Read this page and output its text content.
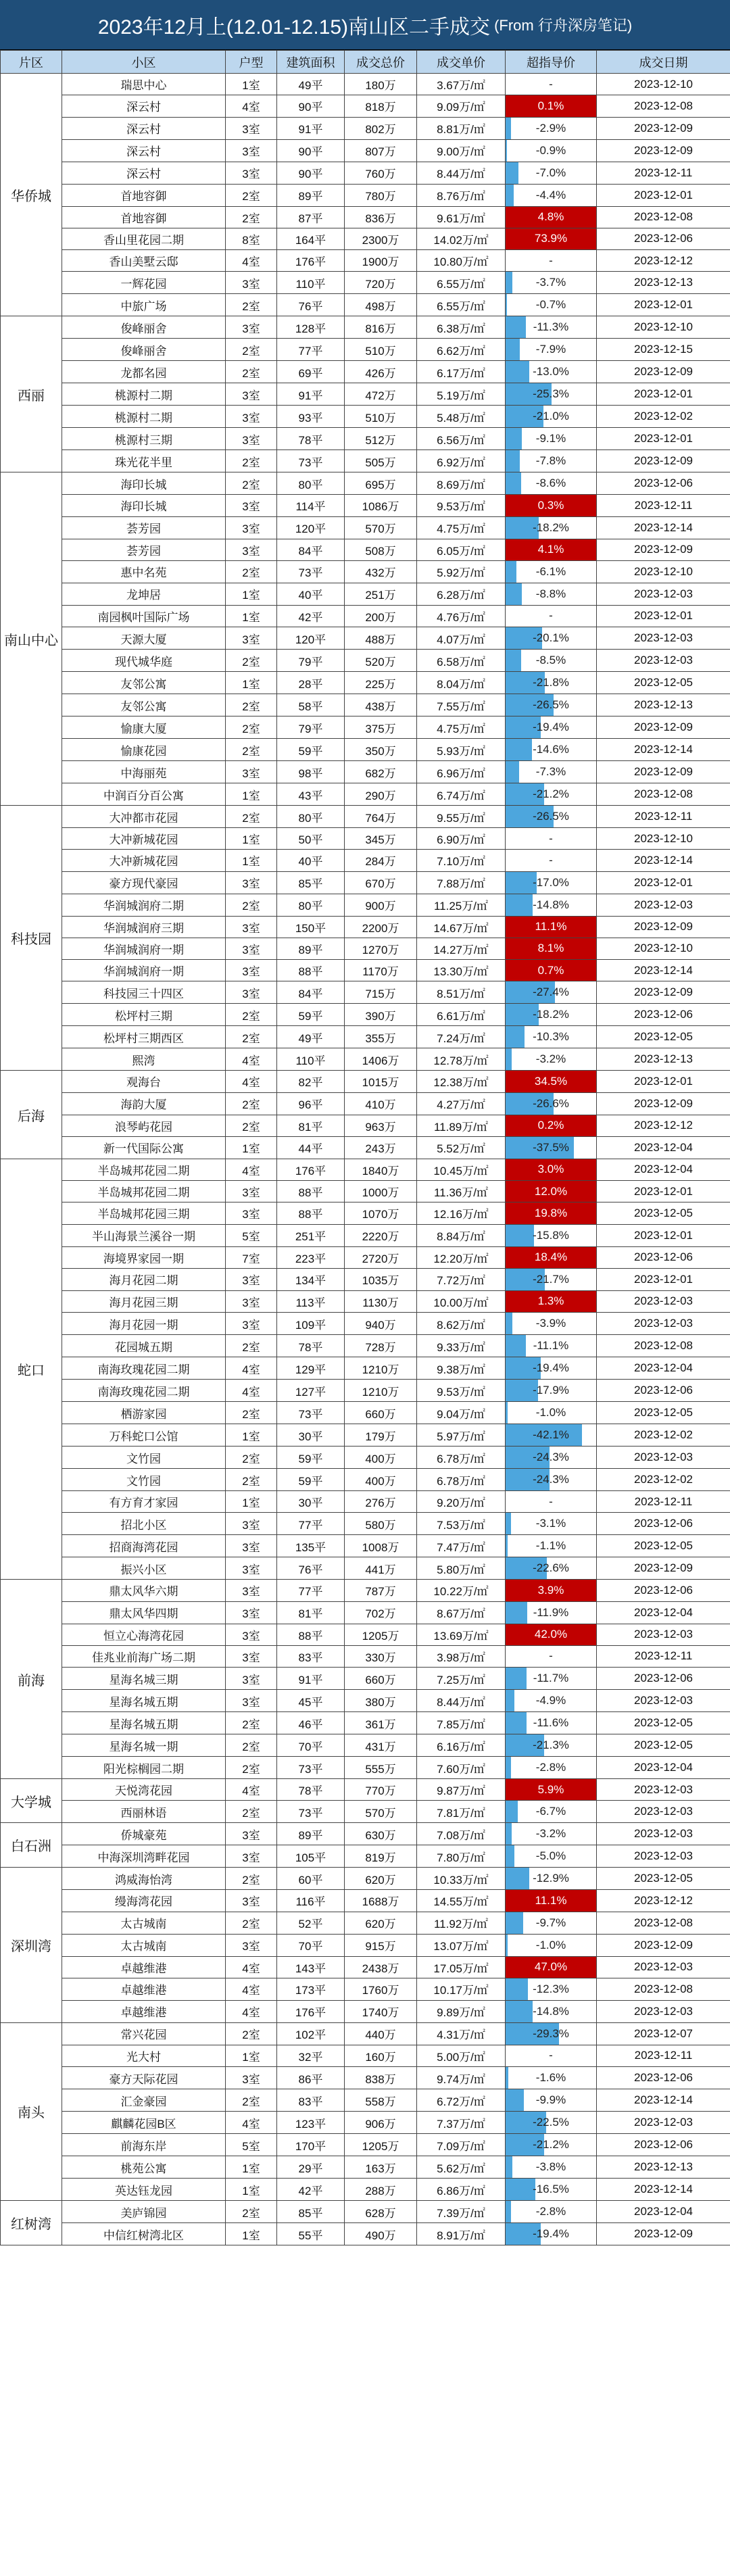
2023年12月上(12.01-12.15)南山区二手成交 (From 行舟深房笔记)
片区	小区	户型	建筑面积	成交总价	成交单价	超指导价	成交日期
华侨城	瑞思中心	1室	49平	180万	3.67万/㎡	-	2023-12-10
	深云村	4室	90平	818万	9.09万/㎡	0.1%	2023-12-08
	深云村	3室	91平	802万	8.81万/㎡	-2.9%	2023-12-09
	深云村	3室	90平	807万	9.00万/㎡	-0.9%	2023-12-09
	深云村	3室	90平	760万	8.44万/㎡	-7.0%	2023-12-11
	首地容御	2室	89平	780万	8.76万/㎡	-4.4%	2023-12-01
	首地容御	2室	87平	836万	9.61万/㎡	4.8%	2023-12-08
	香山里花园二期	8室	164平	2300万	14.02万/㎡	73.9%	2023-12-06
	香山美墅云邸	4室	176平	1900万	10.80万/㎡	-	2023-12-12
	一辉花园	3室	110平	720万	6.55万/㎡	-3.7%	2023-12-13
	中旅广场	2室	76平	498万	6.55万/㎡	-0.7%	2023-12-01
西丽	俊峰丽舍	3室	128平	816万	6.38万/㎡	-11.3%	2023-12-10
	俊峰丽舍	2室	77平	510万	6.62万/㎡	-7.9%	2023-12-15
	龙都名园	2室	69平	426万	6.17万/㎡	-13.0%	2023-12-09
	桃源村二期	3室	91平	472万	5.19万/㎡	-25.3%	2023-12-01
	桃源村二期	3室	93平	510万	5.48万/㎡	-21.0%	2023-12-02
	桃源村三期	3室	78平	512万	6.56万/㎡	-9.1%	2023-12-01
	珠光花半里	2室	73平	505万	6.92万/㎡	-7.8%	2023-12-09
南山中心	海印长城	2室	80平	695万	8.69万/㎡	-8.6%	2023-12-06
	海印长城	3室	114平	1086万	9.53万/㎡	0.3%	2023-12-11
	荟芳园	3室	120平	570万	4.75万/㎡	-18.2%	2023-12-14
	荟芳园	3室	84平	508万	6.05万/㎡	4.1%	2023-12-09
	惠中名苑	2室	73平	432万	5.92万/㎡	-6.1%	2023-12-10
	龙坤居	1室	40平	251万	6.28万/㎡	-8.8%	2023-12-03
	南园枫叶国际广场	1室	42平	200万	4.76万/㎡	-	2023-12-01
	天源大厦	3室	120平	488万	4.07万/㎡	-20.1%	2023-12-03
	现代城华庭	2室	79平	520万	6.58万/㎡	-8.5%	2023-12-03
	友邻公寓	1室	28平	225万	8.04万/㎡	-21.8%	2023-12-05
	友邻公寓	2室	58平	438万	7.55万/㎡	-26.5%	2023-12-13
	愉康大厦	2室	79平	375万	4.75万/㎡	-19.4%	2023-12-09
	愉康花园	2室	59平	350万	5.93万/㎡	-14.6%	2023-12-14
	中海丽苑	3室	98平	682万	6.96万/㎡	-7.3%	2023-12-09
	中润百分百公寓	1室	43平	290万	6.74万/㎡	-21.2%	2023-12-08
科技园	大冲都市花园	2室	80平	764万	9.55万/㎡	-26.5%	2023-12-11
	大冲新城花园	1室	50平	345万	6.90万/㎡	-	2023-12-10
	大冲新城花园	1室	40平	284万	7.10万/㎡	-	2023-12-14
	豪方现代豪园	3室	85平	670万	7.88万/㎡	-17.0%	2023-12-01
	华润城润府二期	2室	80平	900万	11.25万/㎡	-14.8%	2023-12-03
	华润城润府三期	3室	150平	2200万	14.67万/㎡	11.1%	2023-12-09
	华润城润府一期	3室	89平	1270万	14.27万/㎡	8.1%	2023-12-10
	华润城润府一期	3室	88平	1170万	13.30万/㎡	0.7%	2023-12-14
	科技园三十四区	3室	84平	715万	8.51万/㎡	-27.4%	2023-12-09
	松坪村三期	2室	59平	390万	6.61万/㎡	-18.2%	2023-12-06
	松坪村三期西区	2室	49平	355万	7.24万/㎡	-10.3%	2023-12-05
	熙湾	4室	110平	1406万	12.78万/㎡	-3.2%	2023-12-13
后海	观海台	4室	82平	1015万	12.38万/㎡	34.5%	2023-12-01
	海韵大厦	2室	96平	410万	4.27万/㎡	-26.6%	2023-12-09
	浪琴屿花园	2室	81平	963万	11.89万/㎡	0.2%	2023-12-12
	新一代国际公寓	1室	44平	243万	5.52万/㎡	-37.5%	2023-12-04
蛇口	半岛城邦花园二期	4室	176平	1840万	10.45万/㎡	3.0%	2023-12-04
	半岛城邦花园二期	3室	88平	1000万	11.36万/㎡	12.0%	2023-12-01
	半岛城邦花园三期	3室	88平	1070万	12.16万/㎡	19.8%	2023-12-05
	半山海景兰溪谷一期	5室	251平	2220万	8.84万/㎡	-15.8%	2023-12-01
	海境界家园一期	7室	223平	2720万	12.20万/㎡	18.4%	2023-12-06
	海月花园二期	3室	134平	1035万	7.72万/㎡	-21.7%	2023-12-01
	海月花园三期	3室	113平	1130万	10.00万/㎡	1.3%	2023-12-03
	海月花园一期	3室	109平	940万	8.62万/㎡	-3.9%	2023-12-03
	花园城五期	2室	78平	728万	9.33万/㎡	-11.1%	2023-12-08
	南海玫瑰花园二期	4室	129平	1210万	9.38万/㎡	-19.4%	2023-12-04
	南海玫瑰花园二期	4室	127平	1210万	9.53万/㎡	-17.9%	2023-12-06
	栖游家园	2室	73平	660万	9.04万/㎡	-1.0%	2023-12-05
	万科蛇口公馆	1室	30平	179万	5.97万/㎡	-42.1%	2023-12-02
	文竹园	2室	59平	400万	6.78万/㎡	-24.3%	2023-12-03
	文竹园	2室	59平	400万	6.78万/㎡	-24.3%	2023-12-02
	有方育才家园	1室	30平	276万	9.20万/㎡	-	2023-12-11
	招北小区	3室	77平	580万	7.53万/㎡	-3.1%	2023-12-06
	招商海湾花园	3室	135平	1008万	7.47万/㎡	-1.1%	2023-12-05
	振兴小区	3室	76平	441万	5.80万/㎡	-22.6%	2023-12-09
前海	鼎太风华六期	3室	77平	787万	10.22万/㎡	3.9%	2023-12-06
	鼎太风华四期	3室	81平	702万	8.67万/㎡	-11.9%	2023-12-04
	恒立心海湾花园	3室	88平	1205万	13.69万/㎡	42.0%	2023-12-03
	佳兆业前海广场二期	3室	83平	330万	3.98万/㎡	-	2023-12-11
	星海名城三期	3室	91平	660万	7.25万/㎡	-11.7%	2023-12-06
	星海名城五期	3室	45平	380万	8.44万/㎡	-4.9%	2023-12-03
	星海名城五期	2室	46平	361万	7.85万/㎡	-11.6%	2023-12-05
	星海名城一期	2室	70平	431万	6.16万/㎡	-21.3%	2023-12-05
	阳光棕榈园二期	2室	73平	555万	7.60万/㎡	-2.8%	2023-12-04
大学城	天悦湾花园	4室	78平	770万	9.87万/㎡	5.9%	2023-12-03
	西丽林语	2室	73平	570万	7.81万/㎡	-6.7%	2023-12-03
白石洲	侨城豪苑	3室	89平	630万	7.08万/㎡	-3.2%	2023-12-03
	中海深圳湾畔花园	3室	105平	819万	7.80万/㎡	-5.0%	2023-12-03
深圳湾	鸿威海怡湾	2室	60平	620万	10.33万/㎡	-12.9%	2023-12-05
	缦海湾花园	3室	116平	1688万	14.55万/㎡	11.1%	2023-12-12
	太古城南	2室	52平	620万	11.92万/㎡	-9.7%	2023-12-08
	太古城南	3室	70平	915万	13.07万/㎡	-1.0%	2023-12-09
	卓越维港	4室	143平	2438万	17.05万/㎡	47.0%	2023-12-03
	卓越维港	4室	173平	1760万	10.17万/㎡	-12.3%	2023-12-08
	卓越维港	4室	176平	1740万	9.89万/㎡	-14.8%	2023-12-03
南头	常兴花园	2室	102平	440万	4.31万/㎡	-29.3%	2023-12-07
	光大村	1室	32平	160万	5.00万/㎡	-	2023-12-11
	豪方天际花园	3室	86平	838万	9.74万/㎡	-1.6%	2023-12-06
	汇金豪园	2室	83平	558万	6.72万/㎡	-9.9%	2023-12-14
	麒麟花园B区	4室	123平	906万	7.37万/㎡	-22.5%	2023-12-03
	前海东岸	5室	170平	1205万	7.09万/㎡	-21.2%	2023-12-06
	桃苑公寓	1室	29平	163万	5.62万/㎡	-3.8%	2023-12-13
	英达钰龙园	1室	42平	288万	6.86万/㎡	-16.5%	2023-12-14
红树湾	美庐锦园	2室	85平	628万	7.39万/㎡	-2.8%	2023-12-04
	中信红树湾北区	1室	55平	490万	8.91万/㎡	-19.4%	2023-12-09
